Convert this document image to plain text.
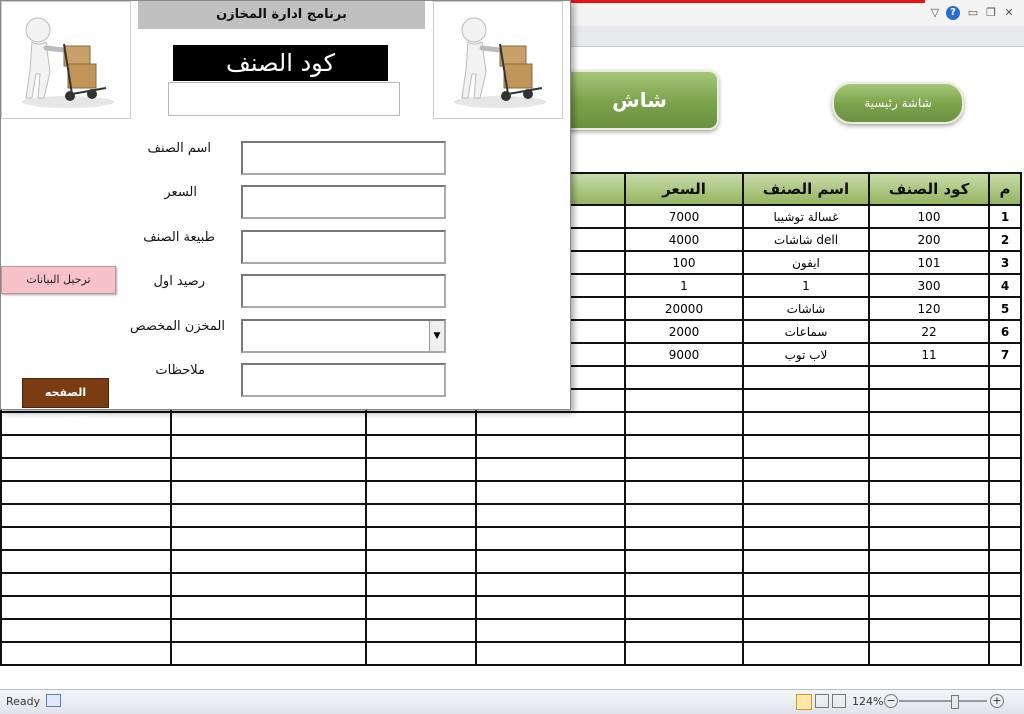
▽	?	▭ ❐ ✕
شاش	شاشة رئيسية
				السعر	اسم الصنف	كود الصنف	م
				7000	غسالة توشيبا	100	1
				4000	شاشات dell	200	2
				100	ايفون	101	3
				1	1	300	4
				20000	شاشات	120	5
				2000	سماعات	22	6
				9000	لاب توب	11	7

برنامج ادارة المخازن
كود الصنف
اسم الصنف
السعر
طبيعة الصنف
رصيد اول
المخزن المخصص
▼
ملاحظات
ترحيل البيانات
الصفحه الرئيسيه
Ready	124% −	+
